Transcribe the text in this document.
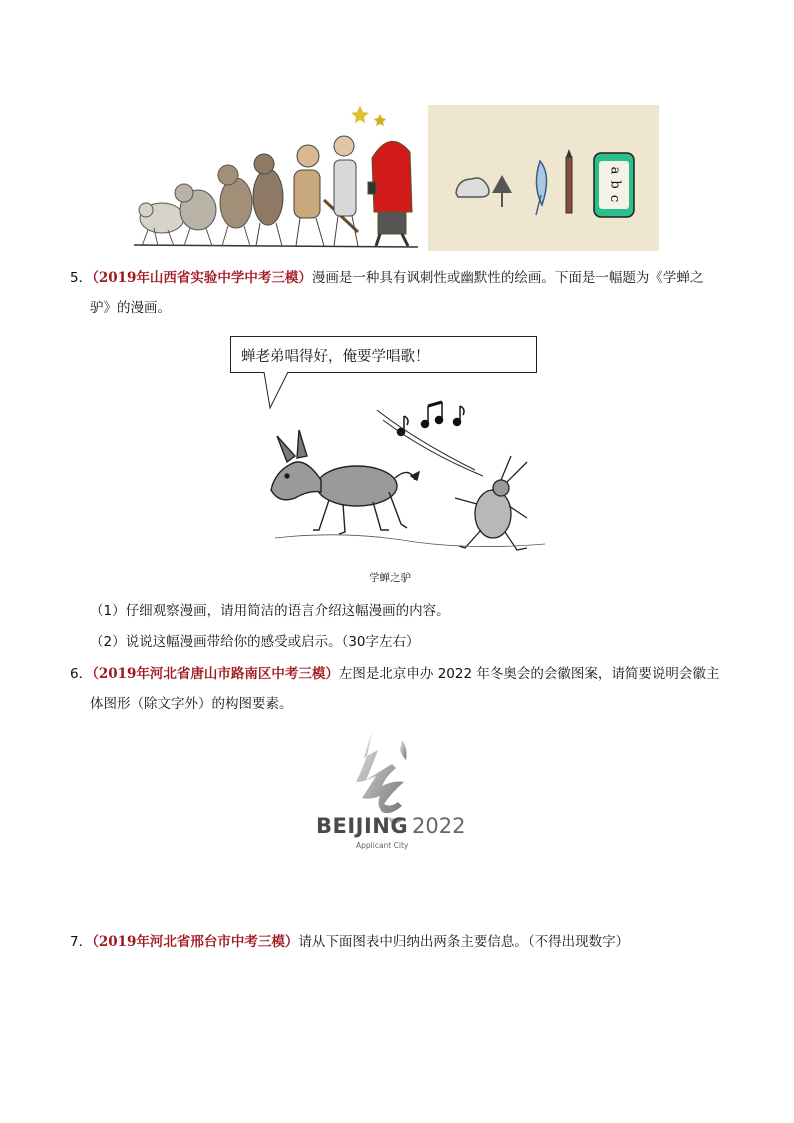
a
b
c
5．（2019年山西省实验中学中考三模）漫画是一种具有讽刺性或幽默性的绘画。下面是一幅题为《学蝉之
驴》的漫画。
蝉老弟唱得好，俺要学唱歌！
学蝉之驴
（1）仔细观察漫画，请用简洁的语言介绍这幅漫画的内容。
（2）说说这幅漫画带给你的感受或启示。（30字左右）
6．（2019年河北省唐山市路南区中考三模）左图是北京申办 2022 年冬奥会的会徽图案，请简要说明会徽主
体图形（除文字外）的构图要素。
BEIJING 2022
Applicant City
7．（2019年河北省邢台市中考三模）请从下面图表中归纳出两条主要信息。（不得出现数字）
